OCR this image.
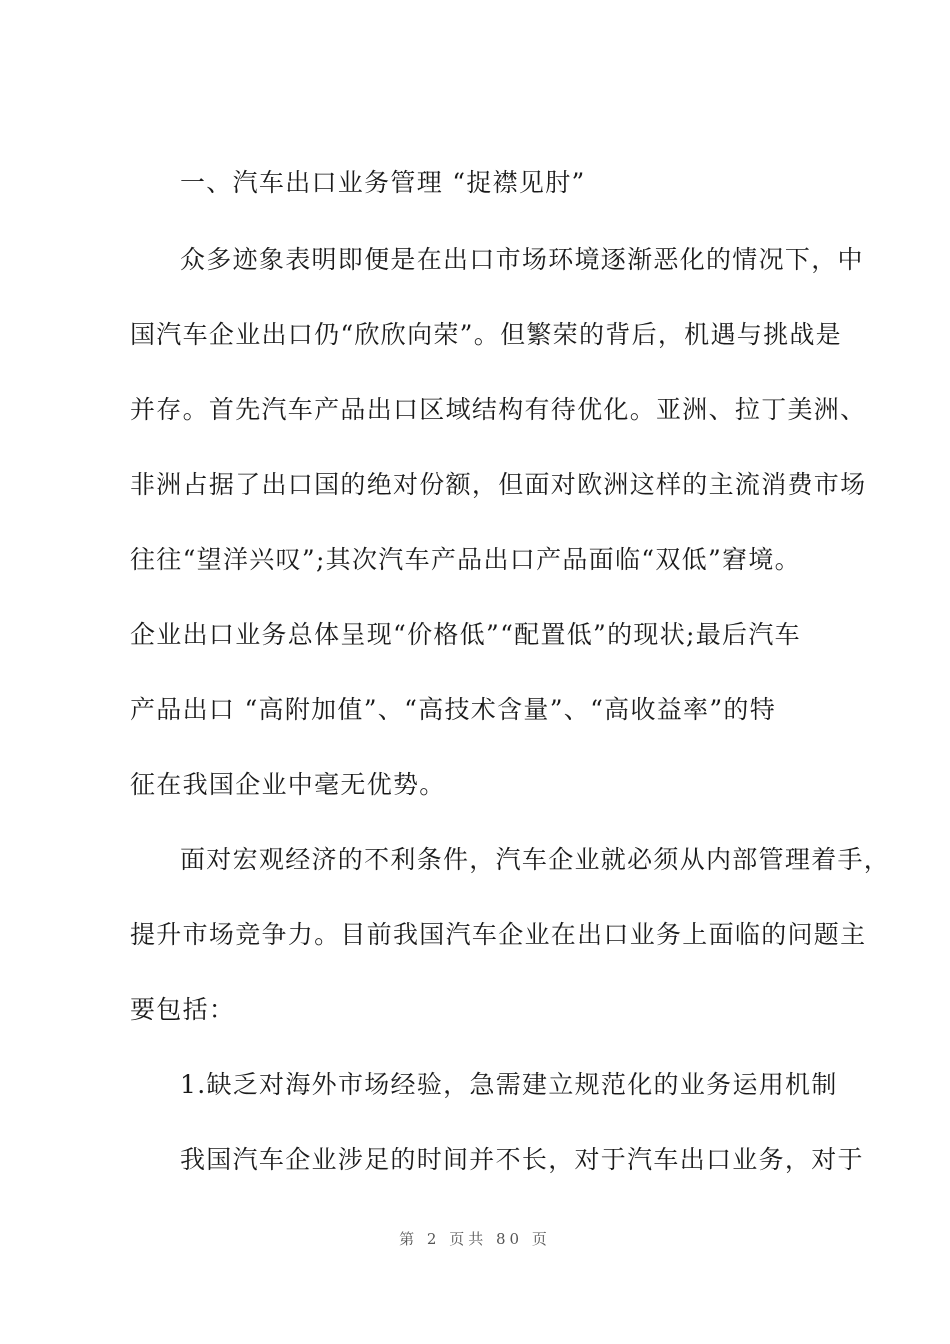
一、汽车出口业务管理 “捉襟见肘”

众多迹象表明即便是在出口市场环境逐渐恶化的情况下，中

国汽车企业出口仍“欣欣向荣”。但繁荣的背后，机遇与挑战是

并存。首先汽车产品出口区域结构有待优化。亚洲、拉丁美洲、

非洲占据了出口国的绝对份额，但面对欧洲这样的主流消费市场

往往“望洋兴叹”;其次汽车产品出口产品面临“双低”窘境。

企业出口业务总体呈现“价格低”“配置低”的现状;最后汽车

产品出口 “高附加值”、“高技术含量”、“高收益率”的特

征在我国企业中毫无优势。

面对宏观经济的不利条件，汽车企业就必须从内部管理着手，

提升市场竞争力。目前我国汽车企业在出口业务上面临的问题主

要包括：

1.缺乏对海外市场经验，急需建立规范化的业务运用机制

我国汽车企业涉足的时间并不长，对于汽车出口业务，对于

第 2 页共 80 页
